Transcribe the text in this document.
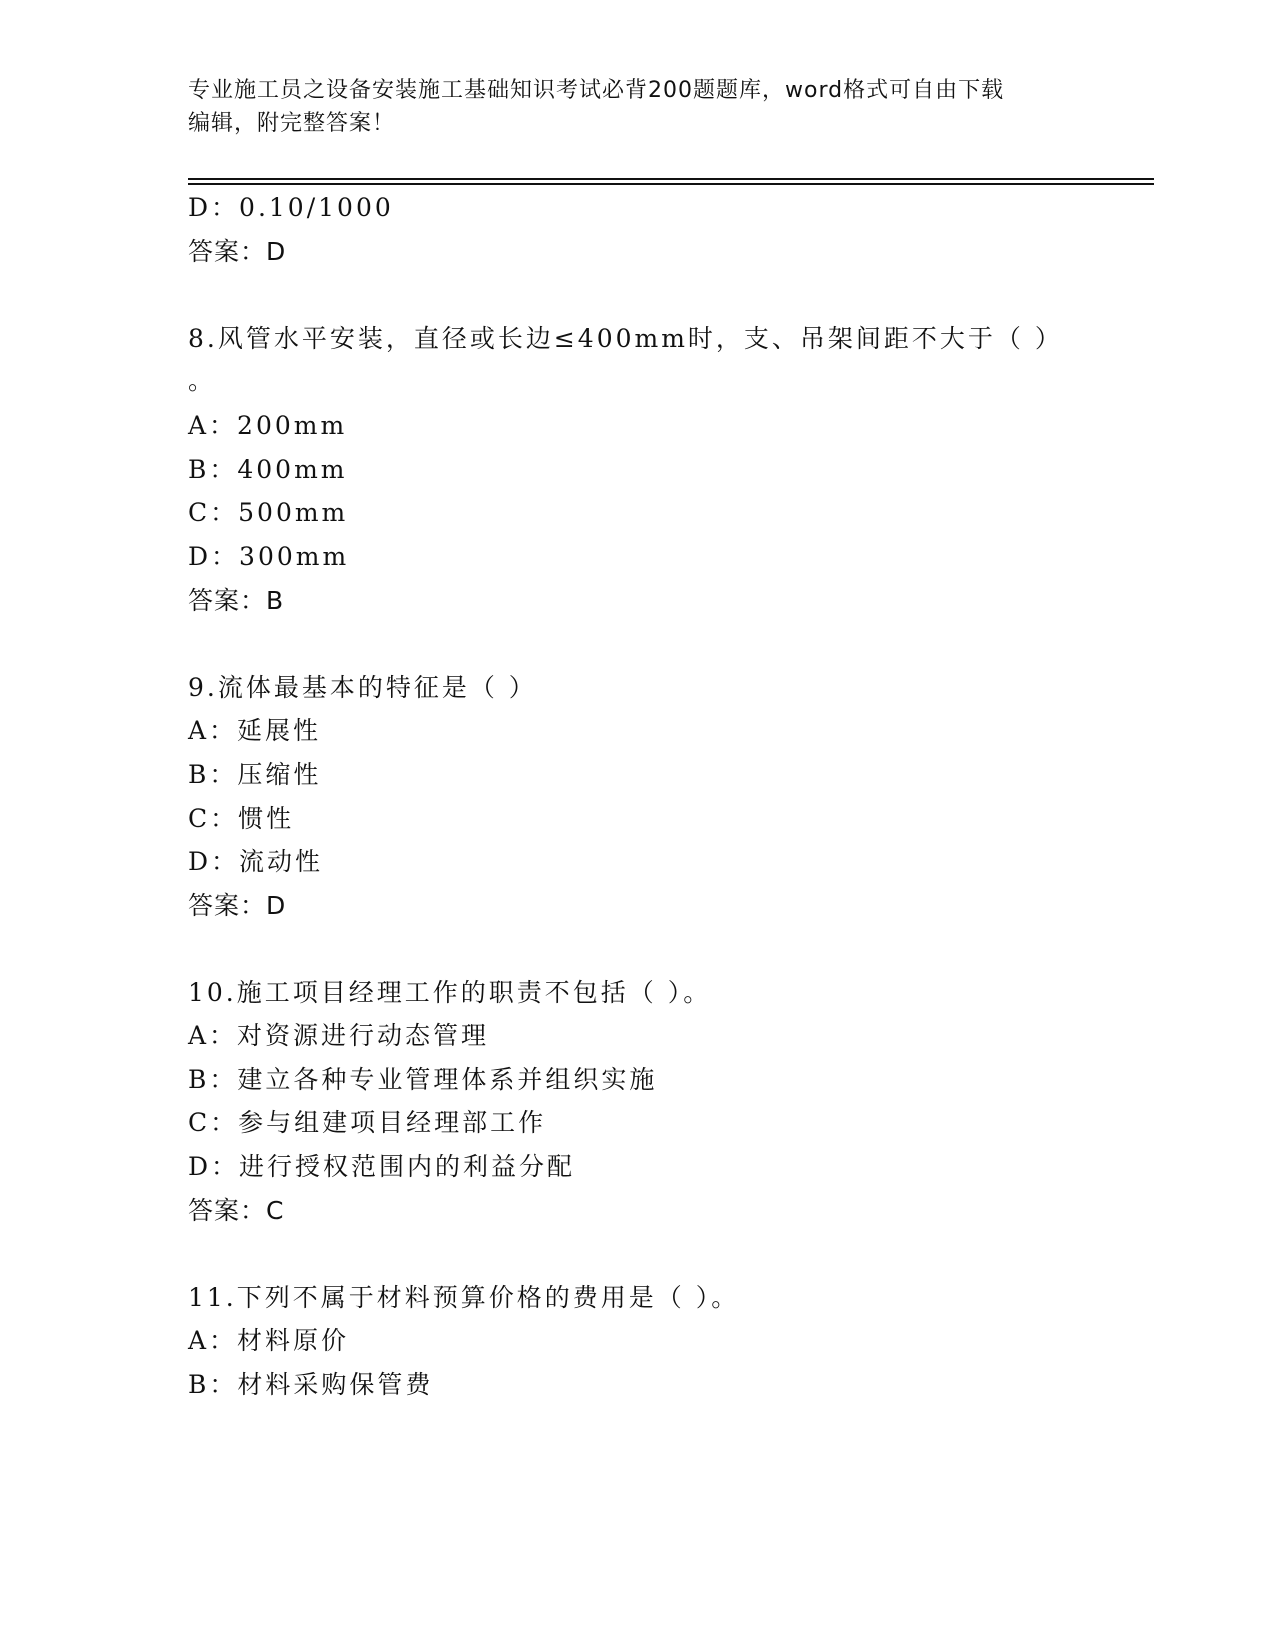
专业施工员之设备安装施工基础知识考试必背200题题库，word格式可自由下载
编辑，附完整答案！
D：0.10/1000
答案：D
8.风管水平安装，直径或长边≤400mm时，支、吊架间距不大于（ ）
。
A：200mm
B：400mm
C：500mm
D：300mm
答案：B
9.流体最基本的特征是（ ）
A：延展性
B：压缩性
C：惯性
D：流动性
答案：D
10.施工项目经理工作的职责不包括（ ）。
A：对资源进行动态管理
B：建立各种专业管理体系并组织实施
C：参与组建项目经理部工作
D：进行授权范围内的利益分配
答案：C
11.下列不属于材料预算价格的费用是（ ）。
A：材料原价
B：材料采购保管费
